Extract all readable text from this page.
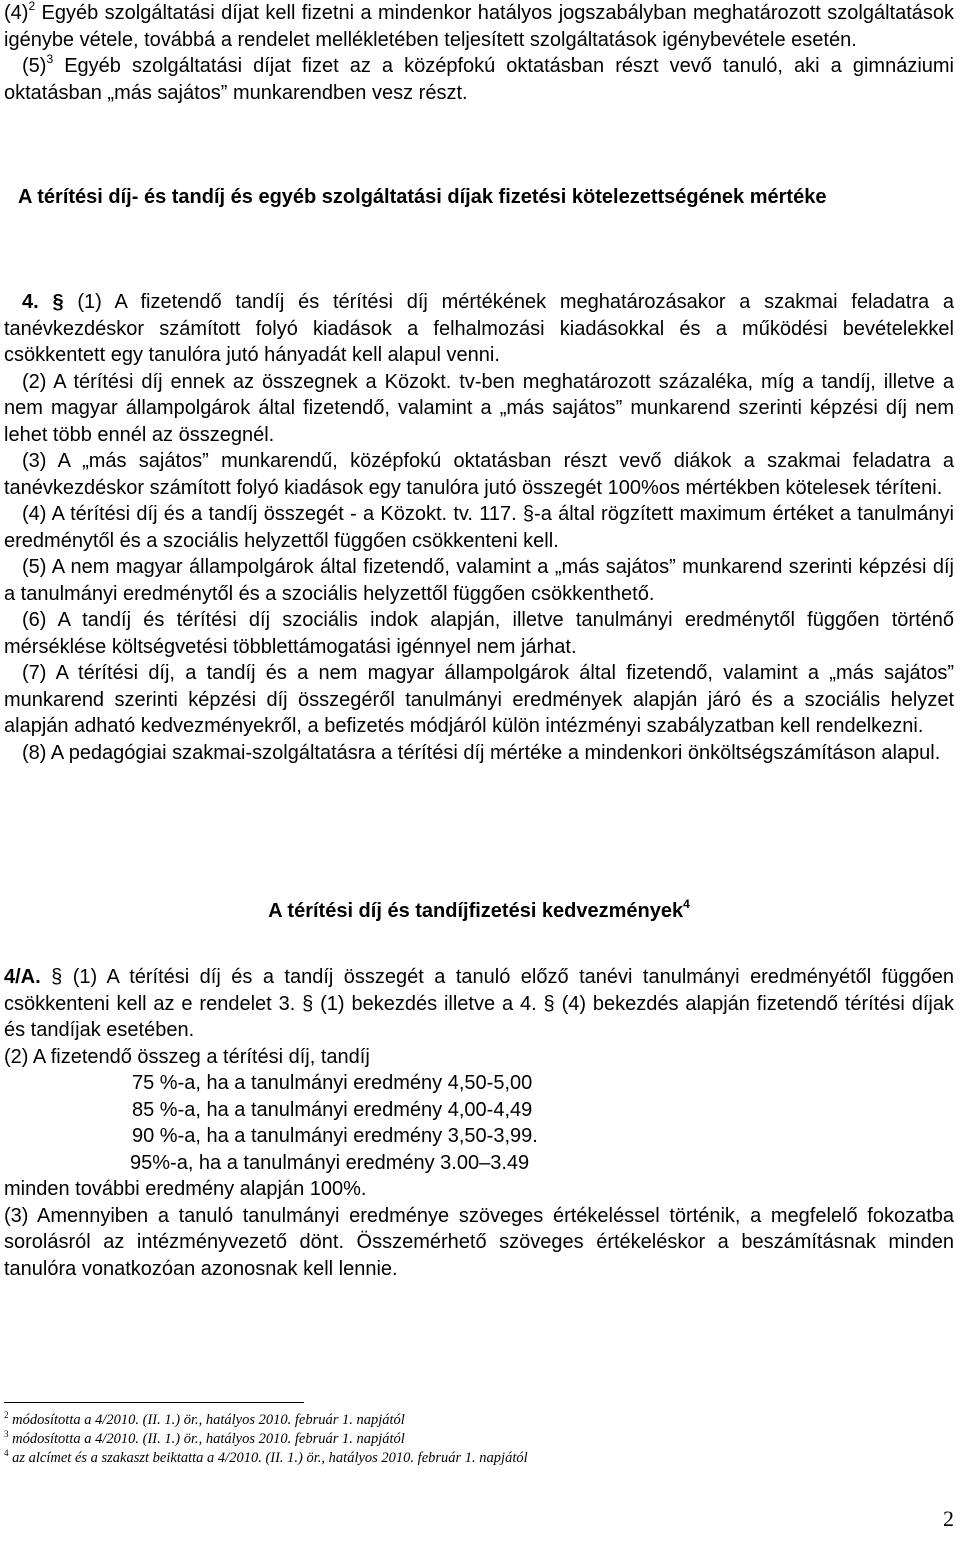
$(4)^2$ Egyéb szolgáltatási díjat kell fizetni a mindenkor hatályos jogszabályban meghatározott szolgáltatások igénybe vétele, továbbá a rendelet mellékletében teljesített szolgáltatások igénybevétele esetén.

$(5)^3$ Egyéb szolgáltatási díjat fizet az a középfokú oktatásban részt vevő tanuló, aki a gimnáziumi oktatásban „más sajátos” munkarendben vesz részt.

A térítési díj- és tandíj és egyéb szolgáltatási díjak fizetési kötelezettségének mértéke

4. § (1) A fizetendő tandíj és térítési díj mértékének meghatározásakor a szakmai feladatra a tanévkezdéskor számított folyó kiadások a felhalmozási kiadásokkal és a működési bevételekkel csökkentett egy tanulóra jutó hányadát kell alapul venni.

(2) A térítési díj ennek az összegnek a Közokt. tv-ben meghatározott százaléka, míg a tandíj, illetve a nem magyar állampolgárok által fizetendő, valamint a „más sajátos” munkarend szerinti képzési díj nem lehet több ennél az összegnél.

(3) A „más sajátos” munkarendű, középfokú oktatásban részt vevő diákok a szakmai feladatra a tanévkezdéskor számított folyó kiadások egy tanulóra jutó összegét 100%os mértékben kötelesek téríteni.

(4) A térítési díj és a tandíj összegét - a Közokt. tv. 117. §-a által rögzített maximum értéket a tanulmányi eredménytől és a szociális helyzettől függően csökkenteni kell.

(5) A nem magyar állampolgárok által fizetendő, valamint a „más sajátos” munkarend szerinti képzési díj a tanulmányi eredménytől és a szociális helyzettől függően csökkenthető.

(6) A tandíj és térítési díj szociális indok alapján, illetve tanulmányi eredménytől függően történő mérséklése költségvetési többlettámogatási igénnyel nem járhat.

(7) A térítési díj, a tandíj és a nem magyar állampolgárok által fizetendő, valamint a „más sajátos” munkarend szerinti képzési díj összegéről tanulmányi eredmények alapján járó és a szociális helyzet alapján adható kedvezményekről, a befizetés módjáról külön intézményi szabályzatban kell rendelkezni.

(8) A pedagógiai szakmai-szolgáltatásra a térítési díj mértéke a mindenkori önköltségszámításon alapul.

A térítési díj és tandíjfizetési kedvezmények$^4$

4/A. § (1) A térítési díj és a tandíj összegét a tanuló előző tanévi tanulmányi eredményétől függően csökkenteni kell az e rendelet 3. § (1) bekezdés illetve a 4. § (4) bekezdés alapján fizetendő térítési díjak és tandíjak esetében.

(2) A fizetendő összeg a térítési díj, tandíj

75 %-a, ha a tanulmányi eredmény 4,50-5,00
85 %-a, ha a tanulmányi eredmény 4,00-4,49
90 %-a, ha a tanulmányi eredmény 3,50-3,99.
95%-a, ha a tanulmányi eredmény 3.00–3.49

minden további eredmény alapján 100%.

(3) Amennyiben a tanuló tanulmányi eredménye szöveges értékeléssel történik, a megfelelő fokozatba sorolásról az intézményvezető dönt. Összemérhető szöveges értékeléskor a beszámításnak minden tanulóra vonatkozóan azonosnak kell lennie.

$^2$ módosította a 4/2010. (II. 1.) ör., hatályos 2010. február 1. napjától
$^3$ módosította a 4/2010. (II. 1.) ör., hatályos 2010. február 1. napjától
$^4$ az alcímet és a szakaszt beiktatta a 4/2010. (II. 1.) ör., hatályos 2010. február 1. napjától
2
